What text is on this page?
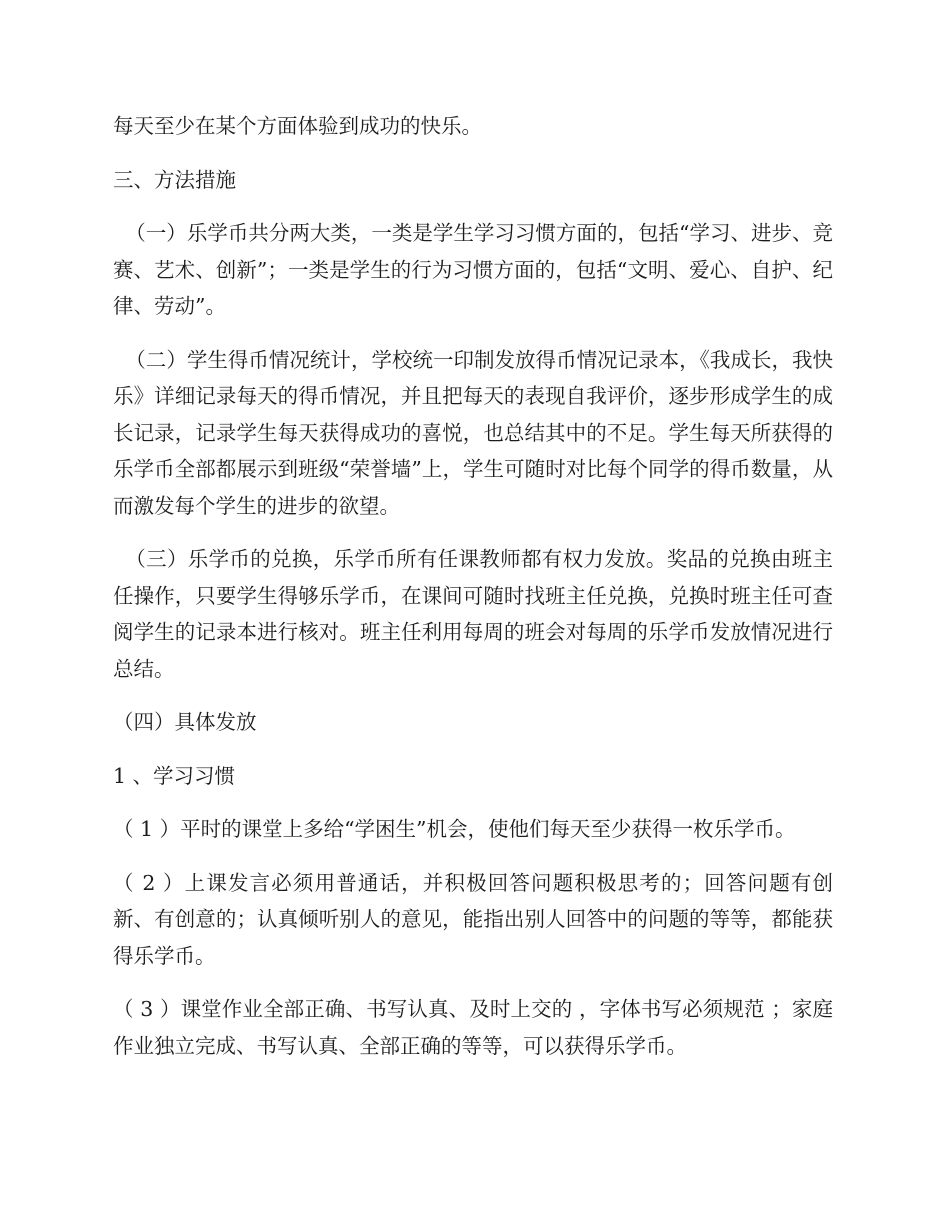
每天至少在某个方面体验到成功的快乐。

三、方法措施

（一）乐学币共分两大类，一类是学生学习习惯方面的，包括“学习、进步、竞赛、艺术、创新”；一类是学生的行为习惯方面的，包括“文明、爱心、自护、纪律、劳动”。

（二）学生得币情况统计，学校统一印制发放得币情况记录本，《我成长，我快乐》详细记录每天的得币情况，并且把每天的表现自我评价，逐步形成学生的成长记录，记录学生每天获得成功的喜悦，也总结其中的不足。学生每天所获得的乐学币全部都展示到班级“荣誉墙”上，学生可随时对比每个同学的得币数量，从而激发每个学生的进步的欲望。

（三）乐学币的兑换，乐学币所有任课教师都有权力发放。奖品的兑换由班主任操作，只要学生得够乐学币，在课间可随时找班主任兑换，兑换时班主任可查阅学生的记录本进行核对。班主任利用每周的班会对每周的乐学币发放情况进行总结。

（四）具体发放

1 、学习习惯

（ 1 ）平时的课堂上多给“学困生”机会，使他们每天至少获得一枚乐学币。

（ 2 ）上课发言必须用普通话，并积极回答问题积极思考的；回答问题有创新、有创意的；认真倾听别人的意见，能指出别人回答中的问题的等等，都能获得乐学币。

（ 3 ）课堂作业全部正确、书写认真、及时上交的 ，字体书写必须规范 ；家庭作业独立完成、书写认真、全部正确的等等，可以获得乐学币。
